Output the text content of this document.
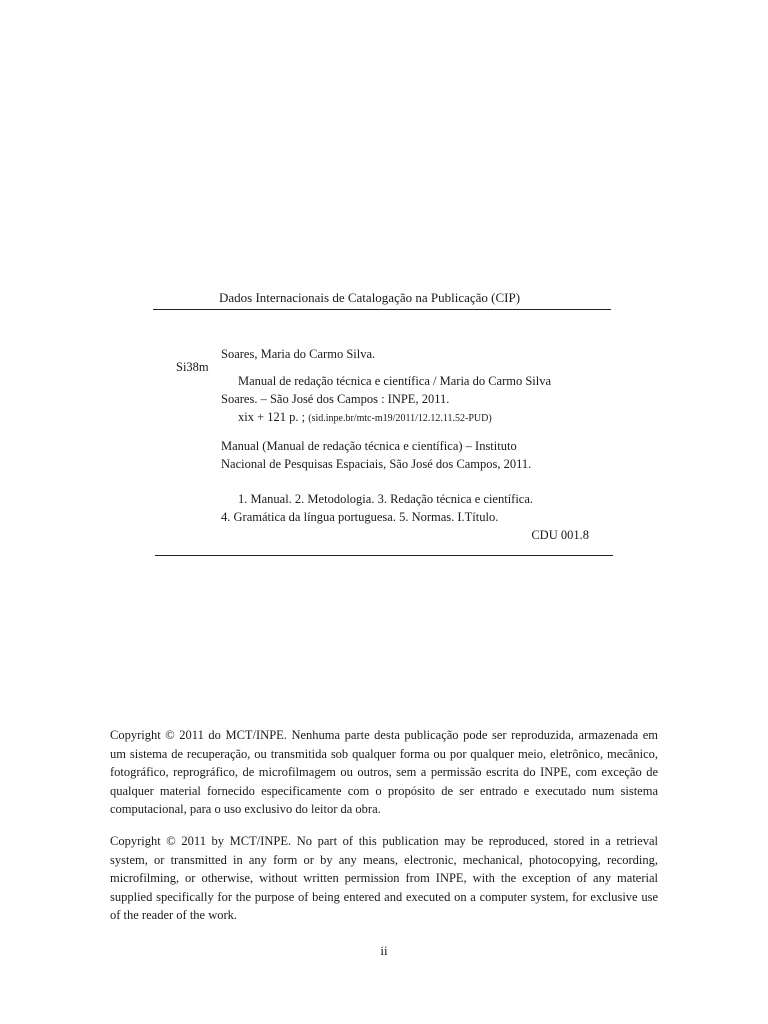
Dados Internacionais de Catalogação na Publicação (CIP)
Si38m

Soares, Maria do Carmo Silva.

Manual de redação técnica e científica / Maria do Carmo Silva

Soares. – São José dos Campos : INPE, 2011.

xix + 121 p. ; (sid.inpe.br/mtc-m19/2011/12.12.11.52-PUD)

Manual (Manual de redação técnica e científica) – Instituto

Nacional de Pesquisas Espaciais, São José dos Campos, 2011.

1. Manual. 2. Metodologia. 3. Redação técnica e científica.

4. Gramática da língua portuguesa. 5. Normas. I.Título.

CDU 001.8

Copyright © 2011 do MCT/INPE. Nenhuma parte desta publicação pode ser reproduzida, armazenada em um sistema de recuperação, ou transmitida sob qualquer forma ou por qualquer meio, eletrônico, mecânico, fotográfico, reprográfico, de microfilmagem ou outros, sem a permissão escrita do INPE, com exceção de qualquer material fornecido especificamente com o propósito de ser entrado e executado num sistema computacional, para o uso exclusivo do leitor da obra.

Copyright © 2011 by MCT/INPE. No part of this publication may be reproduced, stored in a retrieval system, or transmitted in any form or by any means, electronic, mechanical, photocopying, recording, microfilming, or otherwise, without written permission from INPE, with the exception of any material supplied specifically for the purpose of being entered and executed on a computer system, for exclusive use of the reader of the work.

ii
